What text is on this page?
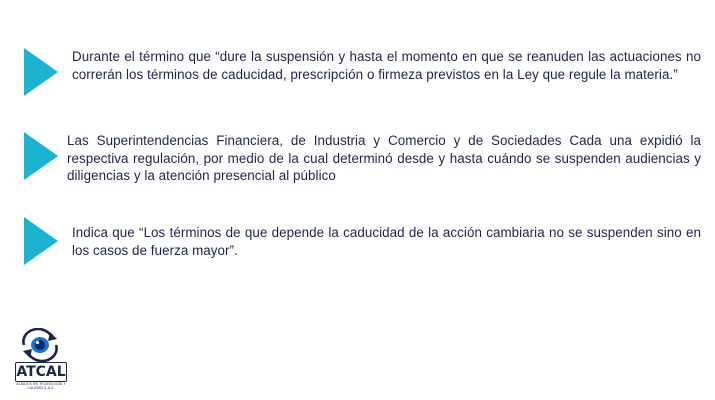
Durante el término que “dure la suspensión y hasta el momento en que se reanuden las actuaciones no correrán los términos de caducidad, prescripción o firmeza previstos en la Ley que regule la materia.”

Las Superintendencias Financiera, de Industria y Comercio y de Sociedades Cada una expidió la respectiva regulación, por medio de la cual determinó desde y hasta cuándo se suspenden audiencias y diligencias y la atención presencial al público

Indica que “Los términos de que depende la caducidad de la acción cambiaria no se suspenden sino en los casos de fuerza mayor”.

ATCAL
ALIADOS EN TECNOLOGÍA Y CALIDAD S.A.S.
